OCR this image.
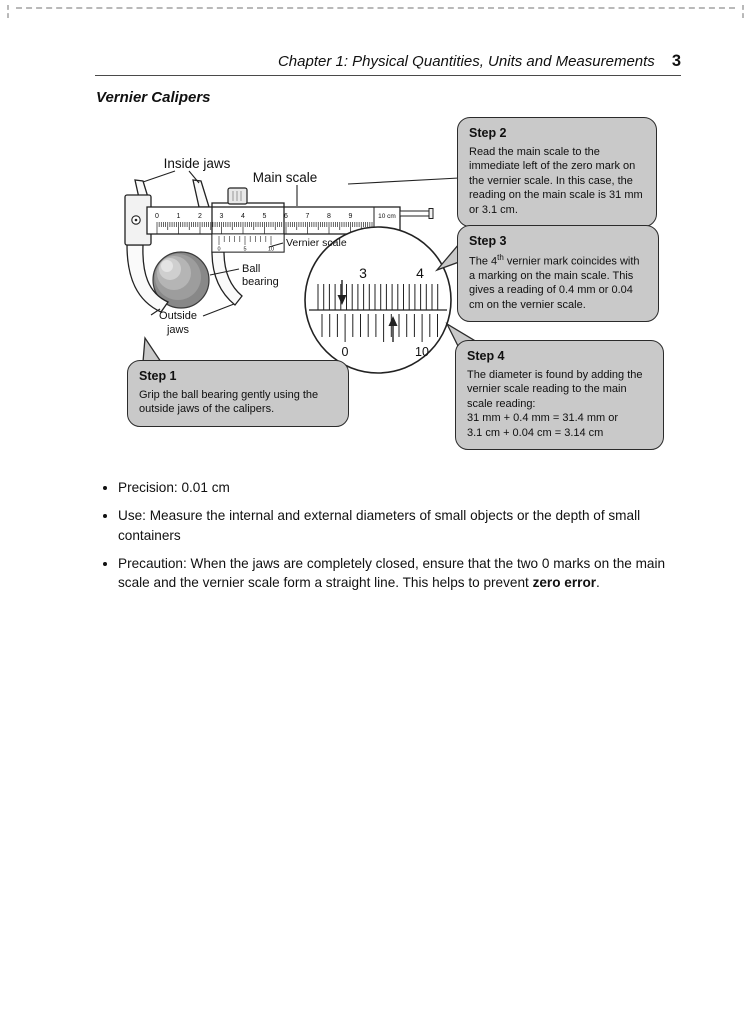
Chapter 1: Physical Quantities, Units and Measurements 3
Vernier Calipers
0	1	2	3	4	5	6	7	8	9	10 cm
0	5	10
3	4
0	10
Inside jaws
Main scale
Vernier scale
Ball
bearing
Outside
jaws
Step 2

Read the main scale to the immediate left of the zero mark on the vernier scale. In this case, the reading on the main scale is 31 mm or 3.1 cm.

Step 3

The 4th vernier mark coincides with a marking on the main scale. This gives a reading of 0.4 mm or 0.04 cm on the vernier scale.

Step 1

Grip the ball bearing gently using the outside jaws of the calipers.

Step 4

The diameter is found by adding the vernier scale reading to the main scale reading:

31 mm + 0.4 mm = 31.4 mm or

3.1 cm + 0.04 cm = 3.14 cm

• Precision: 0.01 cm
• Use: Measure the internal and external diameters of small objects or the depth of small containers
• Precaution: When the jaws are completely closed, ensure that the two 0 marks on the main scale and the vernier scale form a straight line. This helps to prevent zero error.
